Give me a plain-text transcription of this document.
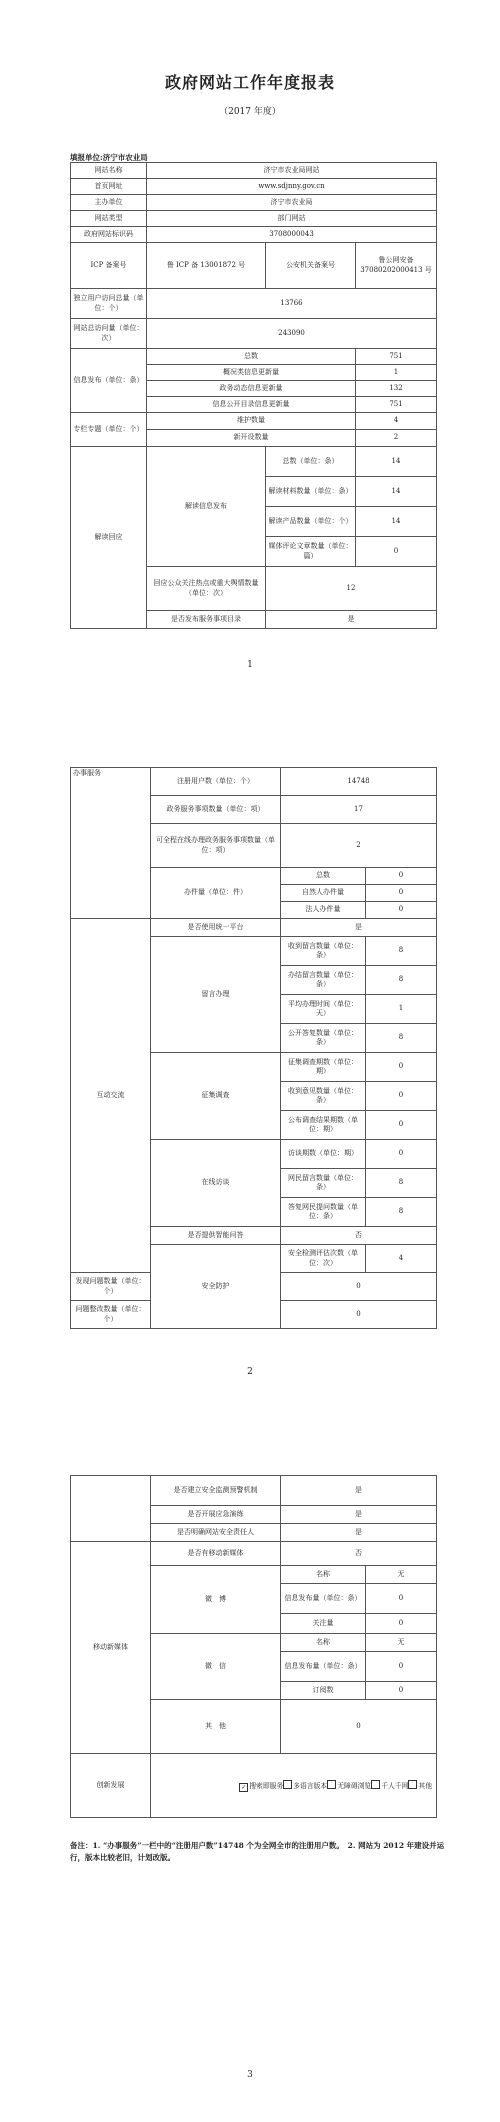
政府网站工作年度报表
（2017 年度）
填报单位:济宁市农业局
网站名称	济宁市农业局网站		
首页网址	www.sdjnny.gov.cn		
主办单位	济宁市农业局		
网站类型	部门网站		
政府网站标识码	3708000043		
ICP 备案号	鲁 ICP 备 13001872 号	公安机关备案号	鲁公网安备 37080202000413 号
独立用户访问总量（单位：个）	13766		
网站总访问量（单位：次）	243090		
信息发布（单位：条）	总数		751
	概况类信息更新量		1
	政务动态信息更新量		132
	信息公开目录信息更新量		751
专栏专题（单位：个）	维护数量		4
	新开设数量		2
解读回应	解读信息发布	总数（单位：条）	14
		解读材料数量（单位：条）	14
		解读产品数量（单位：个）	14
		媒体评论文章数量（单位：篇）	0
	回应公众关注热点或重大舆情数量（单位：次）	12	
	是否发布服务事项目录	是	
1
办事服务	注册用户数（单位：个）	14748	
	政务服务事项数量（单位：项）	17	
	可全程在线办理政务服务事项数量（单位：项）	2	
	办件量（单位：件）	总数	0
		自然人办件量	0
		法人办件量	0
互动交流	是否使用统一平台	是	
	留言办理	收到留言数量（单位：条）	8
		办结留言数量（单位：条）	8
		平均办理时间（单位：天）	1
		公开答复数量（单位：条）	8
	征集调查	征集调查期数（单位：期）	0
		收到意见数量（单位：条）	0
		公布调查结果期数（单位：期）	0
	在线访谈	访谈期数（单位：期）	0
		网民留言数量（单位：条）	8
		答复网民提问数量（单位：条）	8
	是否提供智能问答	否	
	安全防护	安全检测评估次数（单位：次）	4
发现问题数量（单位：个）		0	
问题整改数量（单位：个）		0	
2
	是否建立安全监测预警机制	是	
	是否开展应急演练	是	
	是否明确网站安全责任人	是	
移动新媒体	是否有移动新媒体	否	
	微　博	名称	无
		信息发布量（单位：条）	0
		关注量	0
	微　信	名称	无
		信息发布量（单位：条）	0
		订阅数	0
	其　他	0	
创新发展	✓ 搜索即服务 多语言版本 无障碍浏览 千人千网 其他		
备注：1. “办事服务”一栏中的“注册用户数”14748 个为全网全市的注册用户数。　2. 网站为 2012 年建设并运行，版本比较老旧，计划改版。
3
